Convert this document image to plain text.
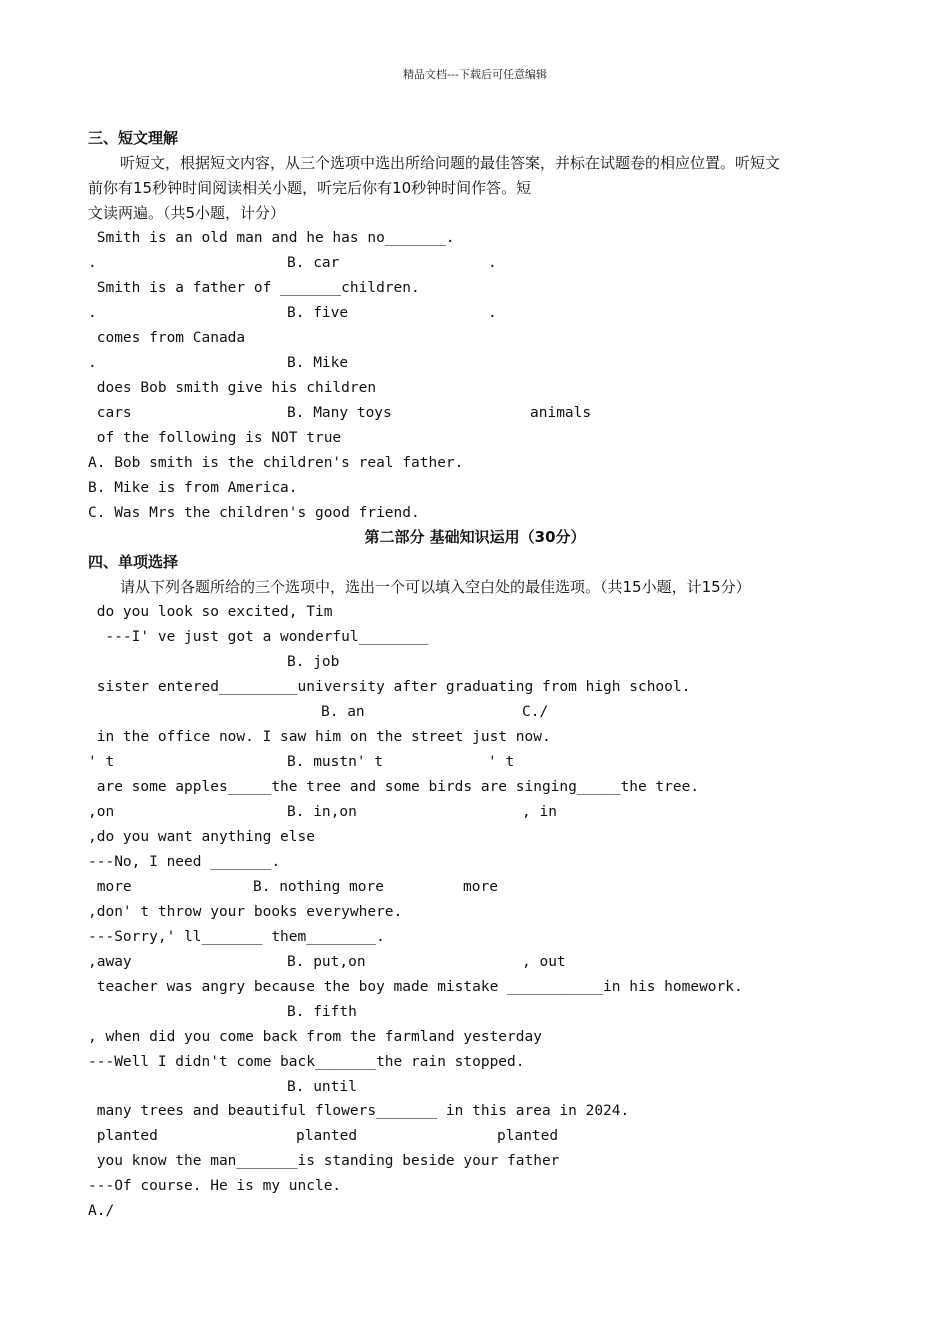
精品文档---下载后可任意编辑
三、短文理解
听短文，根据短文内容，从三个选项中选出所给问题的最佳答案，并标在试题卷的相应位置。听短文
前你有15秒钟时间阅读相关小题，听完后你有10秒钟时间作答。短
文读两遍。（共5小题，计分）
Smith is an old man and he has no_______.
.	B. car	.
Smith is a father of _______children.
.	B. five	.
comes from Canada
.	B. Mike
does Bob smith give his children
cars	B. Many toys	animals
of the following is NOT true
A. Bob smith is the children's real father.
B. Mike is from America.
C. Was Mrs the children's good friend.
第二部分 基础知识运用（30分）
四、单项选择
请从下列各题所给的三个选项中，选出一个可以填入空白处的最佳选项。（共15小题，计15分）
do you look so excited, Tim
---I' ve just got a wonderful________
B. job
sister entered_________university after graduating from high school.
B. an	C./
in the office now. I saw him on the street just now.
' t	B. mustn' t	' t
are some apples_____the tree and some birds are singing_____the tree.
,on	B. in,on	, in
,do you want anything else
---No, I need _______.
more	B. nothing more	more
,don' t throw your books everywhere.
---Sorry,' ll_______ them________.
,away	B. put,on	, out
teacher was angry because the boy made mistake ___________in his homework.
B. fifth
, when did you come back from the farmland yesterday
---Well I didn't come back_______the rain stopped.
B. until
many trees and beautiful flowers_______ in this area in 2024.
planted	planted	planted
you know the man_______is standing beside your father
---Of course. He is my uncle.
A./
